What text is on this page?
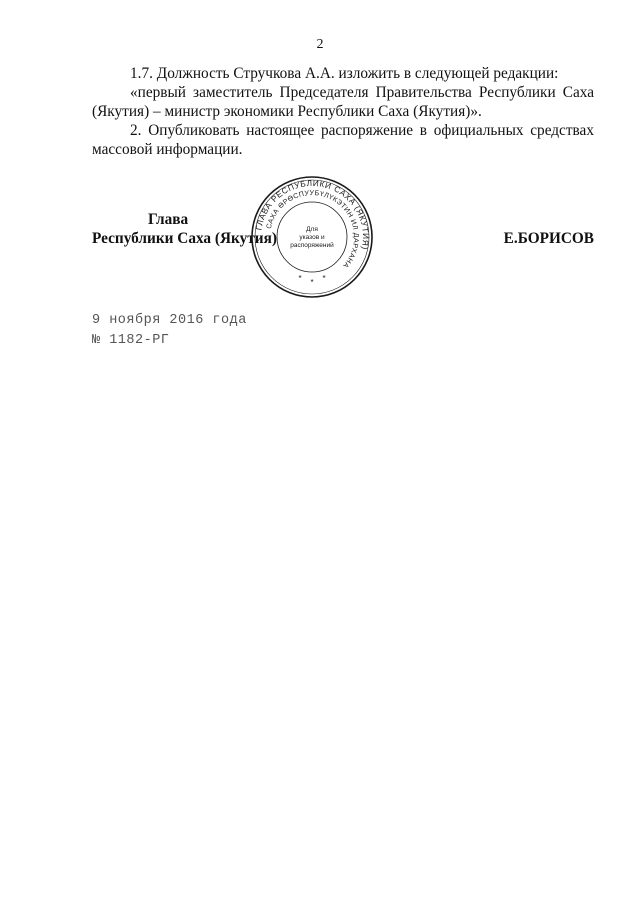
2

1.7. Должность Стручкова А.А. изложить в следующей редакции:

«первый заместитель Председателя Правительства Республики Саха (Якутия) – министр экономики Республики Саха (Якутия)».

2. Опубликовать настоящее распоряжение в официальных средствах массовой информации.

Глава
Республики Саха (Якутия)	Е.БОРИСОВ
ГЛАВА РЕСПУБЛИКИ САХА (ЯКУТИЯ)
САХА ӨРӨСПУУБҮЛҮКЭТИН ИЛ ДАРХАНА
Для
указов и
распоряжений
* * *
9 ноября 2016 года
№ 1182-РГ
